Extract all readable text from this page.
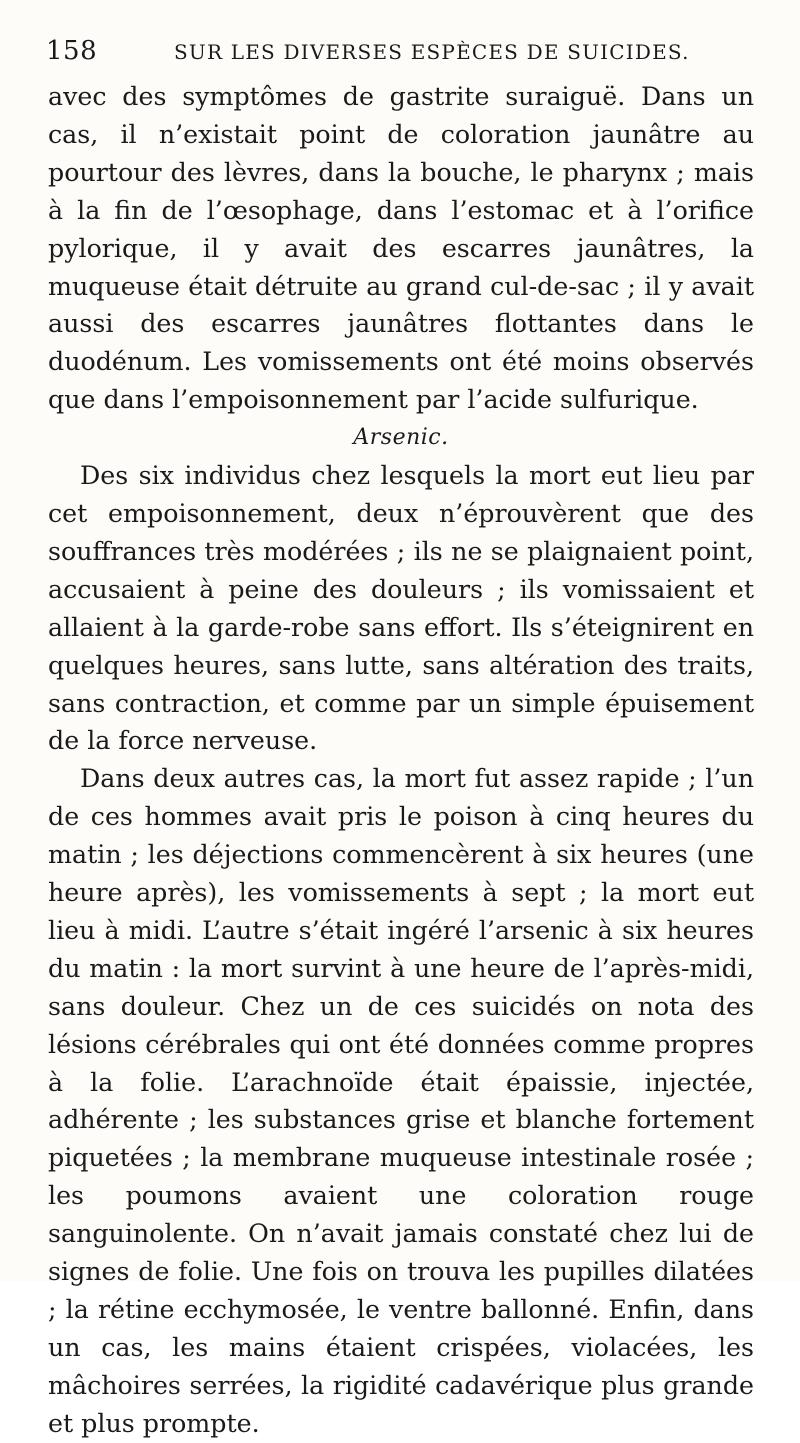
158	SUR LES DIVERSES ESPÈCES DE SUICIDES.

avec des symptômes de gastrite suraiguë. Dans un cas, il n’existait point de coloration jaunâtre au pourtour des lèvres, dans la bouche, le pharynx ; mais à la fin de l’œsophage, dans l’estomac et à l’orifice pylorique, il y avait des escarres jaunâtres, la muqueuse était détruite au grand cul-de-sac ; il y avait aussi des escarres jaunâtres flottantes dans le duodénum. Les vomissements ont été moins observés que dans l’empoisonnement par l’acide sulfurique.

Arsenic.

Des six individus chez lesquels la mort eut lieu par cet empoisonnement, deux n’éprouvèrent que des souffrances très modérées ; ils ne se plaignaient point, accusaient à peine des douleurs ; ils vomissaient et allaient à la garde-robe sans effort. Ils s’éteignirent en quelques heures, sans lutte, sans altération des traits, sans contraction, et comme par un simple épuisement de la force nerveuse.

Dans deux autres cas, la mort fut assez rapide ; l’un de ces hommes avait pris le poison à cinq heures du matin ; les déjections commencèrent à six heures (une heure après), les vomissements à sept ; la mort eut lieu à midi. L’autre s’était ingéré l’arsenic à six heures du matin : la mort survint à une heure de l’après-midi, sans douleur. Chez un de ces suicidés on nota des lésions cérébrales qui ont été données comme propres à la folie. L’arachnoïde était épaissie, injectée, adhérente ; les substances grise et blanche fortement piquetées ; la membrane muqueuse intestinale rosée ; les poumons avaient une coloration rouge sanguinolente. On n’avait jamais constaté chez lui de signes de folie. Une fois on trouva les pupilles dilatées ; la rétine ecchymosée, le ventre ballonné. Enfin, dans un cas, les mains étaient crispées, violacées, les mâchoires serrées, la rigidité cadavérique plus grande et plus prompte.
